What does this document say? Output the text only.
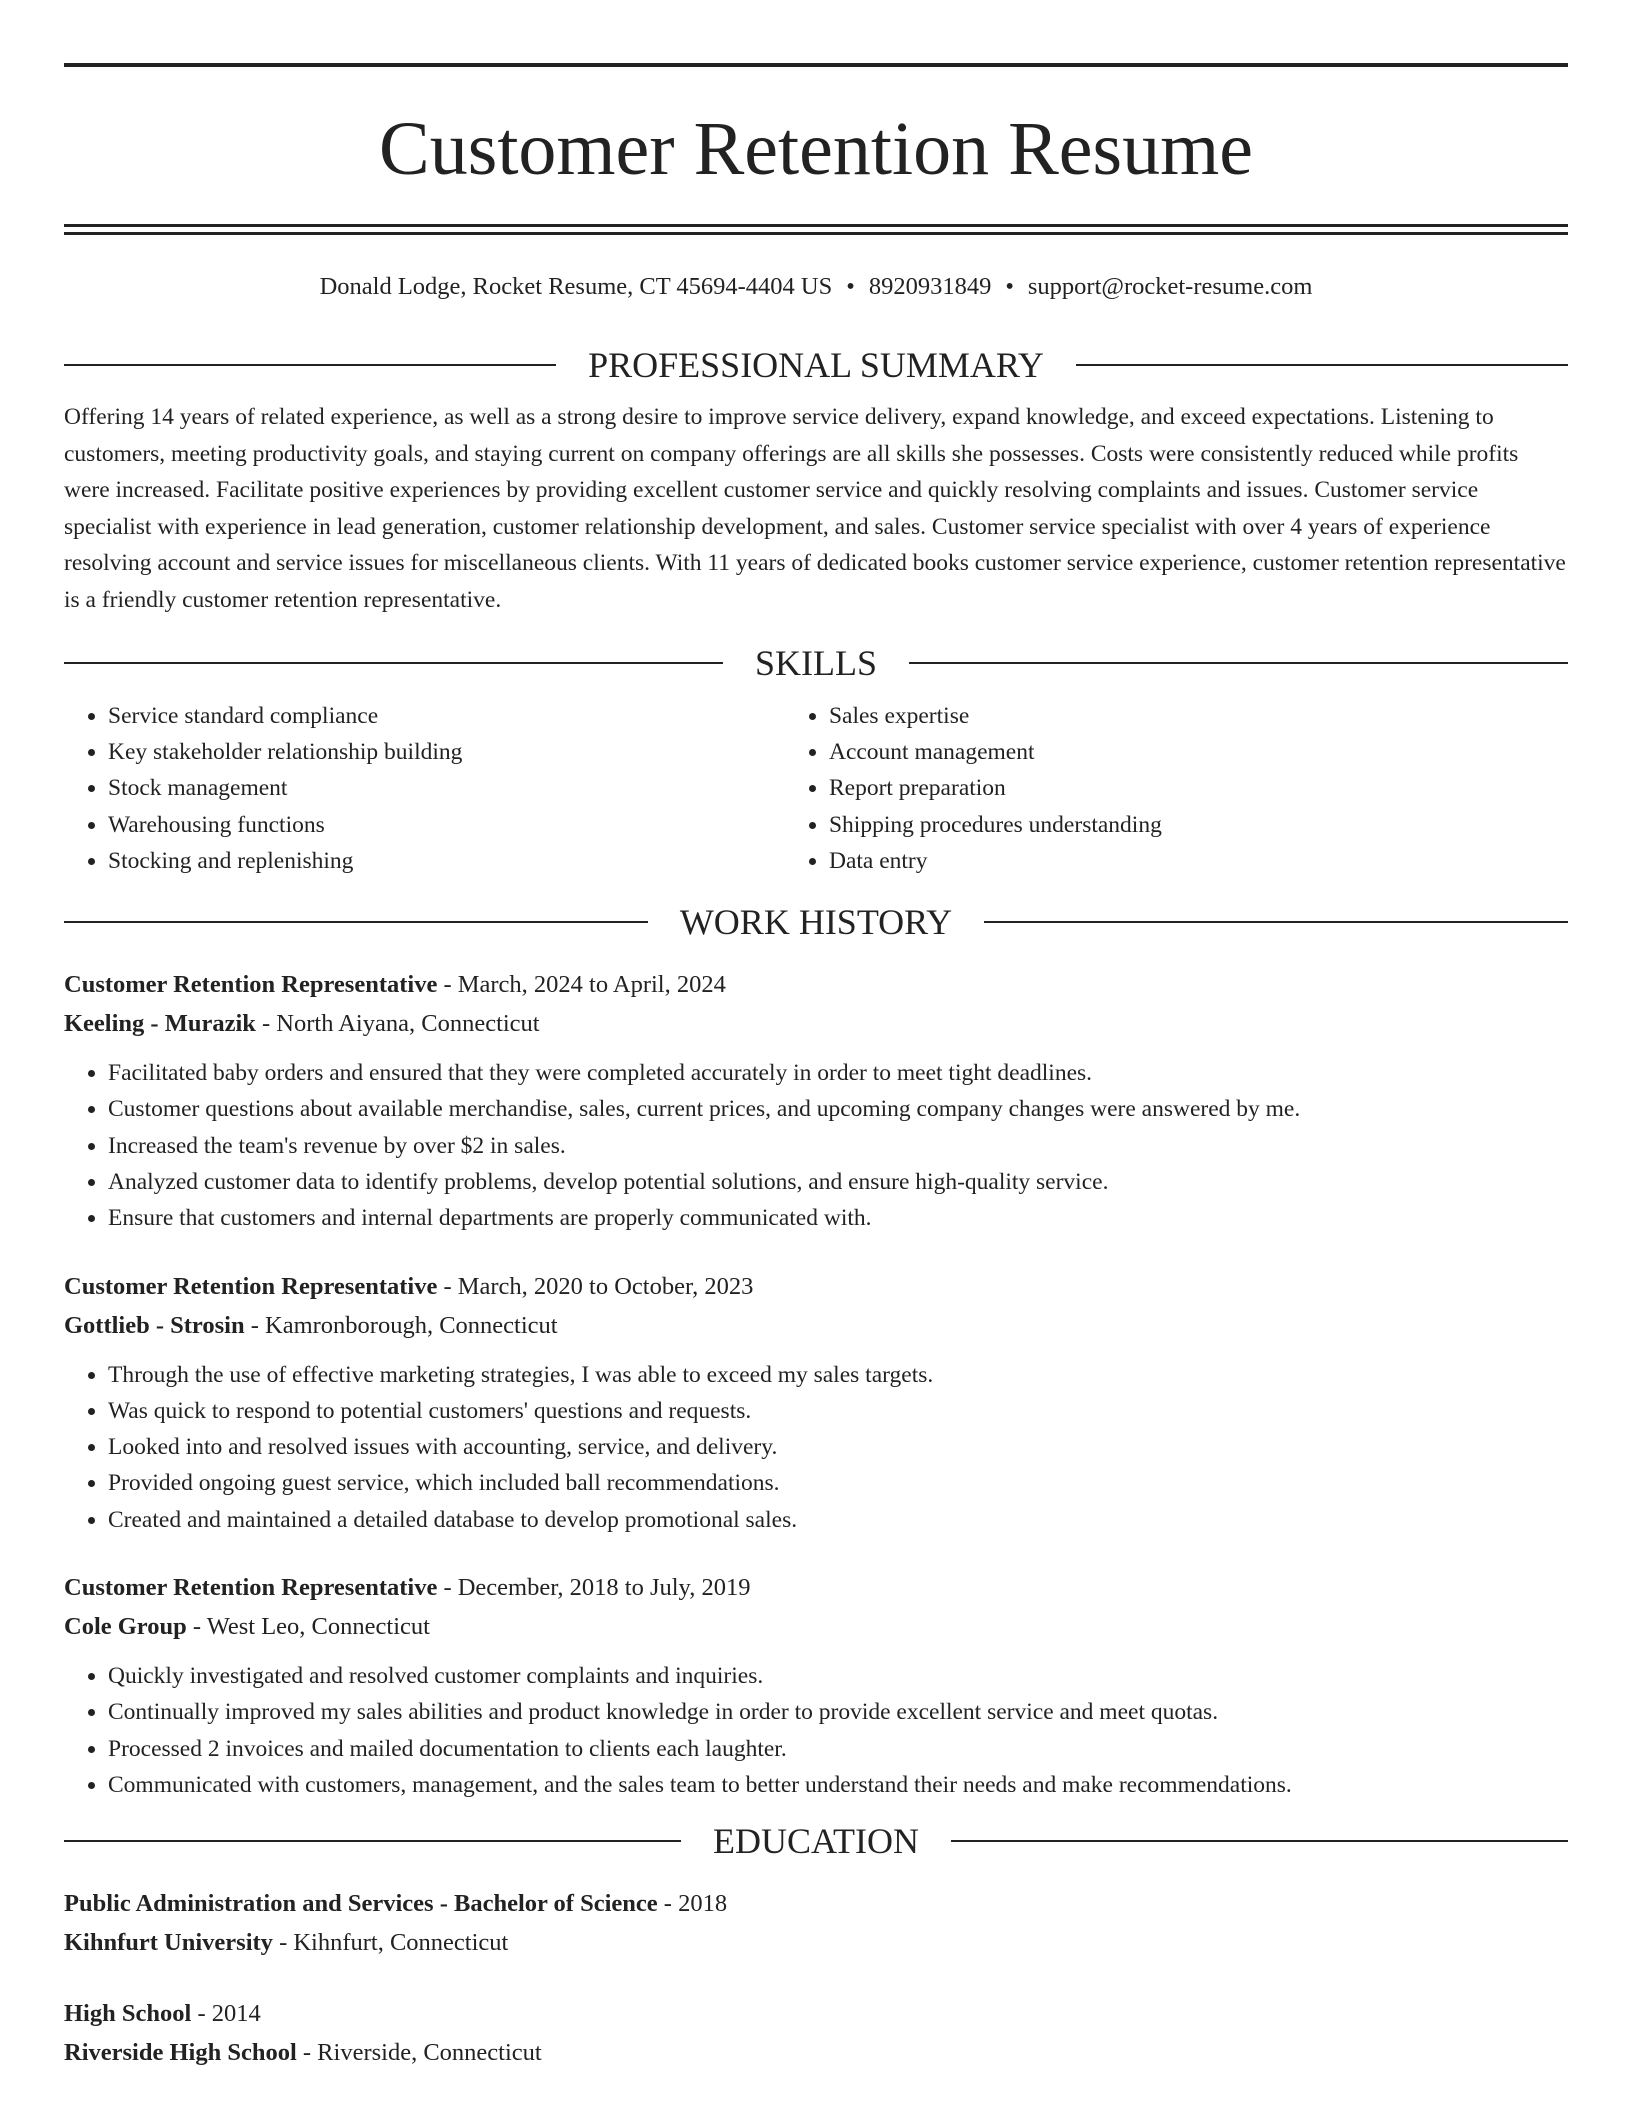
Customer Retention Resume
Donald Lodge, Rocket Resume, CT 45694-4404 US • 8920931849 • support@rocket-resume.com
PROFESSIONAL SUMMARY

Offering 14 years of related experience, as well as a strong desire to improve service delivery, expand knowledge, and exceed expectations. Listening to customers, meeting productivity goals, and staying current on company offerings are all skills she possesses. Costs were consistently reduced while profits were increased. Facilitate positive experiences by providing excellent customer service and quickly resolving complaints and issues. Customer service specialist with experience in lead generation, customer relationship development, and sales. Customer service specialist with over 4 years of experience resolving account and service issues for miscellaneous clients. With 11 years of dedicated books customer service experience, customer retention representative is a friendly customer retention representative.

SKILLS
• Service standard compliance
• Key stakeholder relationship building
• Stock management
• Warehousing functions
• Stocking and replenishing
• Sales expertise
• Account management
• Report preparation
• Shipping procedures understanding
• Data entry
WORK HISTORY
Customer Retention Representative - March, 2024 to April, 2024
Keeling - Murazik - North Aiyana, Connecticut
• Facilitated baby orders and ensured that they were completed accurately in order to meet tight deadlines.
• Customer questions about available merchandise, sales, current prices, and upcoming company changes were answered by me.
• Increased the team's revenue by over $2 in sales.
• Analyzed customer data to identify problems, develop potential solutions, and ensure high-quality service.
• Ensure that customers and internal departments are properly communicated with.
Customer Retention Representative - March, 2020 to October, 2023
Gottlieb - Strosin - Kamronborough, Connecticut
• Through the use of effective marketing strategies, I was able to exceed my sales targets.
• Was quick to respond to potential customers' questions and requests.
• Looked into and resolved issues with accounting, service, and delivery.
• Provided ongoing guest service, which included ball recommendations.
• Created and maintained a detailed database to develop promotional sales.
Customer Retention Representative - December, 2018 to July, 2019
Cole Group - West Leo, Connecticut
• Quickly investigated and resolved customer complaints and inquiries.
• Continually improved my sales abilities and product knowledge in order to provide excellent service and meet quotas.
• Processed 2 invoices and mailed documentation to clients each laughter.
• Communicated with customers, management, and the sales team to better understand their needs and make recommendations.
EDUCATION
Public Administration and Services - Bachelor of Science - 2018
Kihnfurt University - Kihnfurt, Connecticut
High School - 2014
Riverside High School - Riverside, Connecticut
